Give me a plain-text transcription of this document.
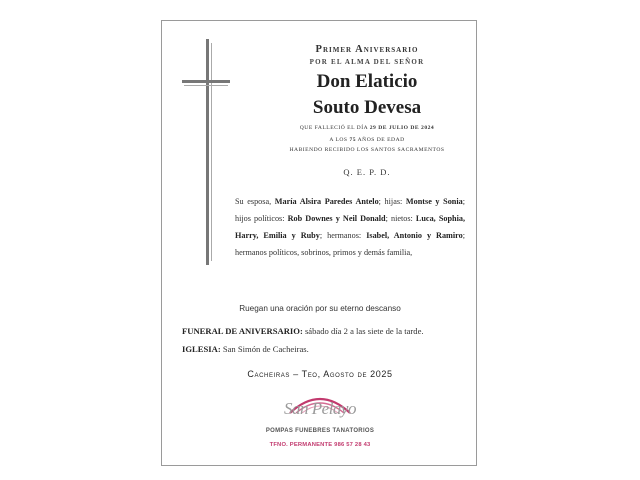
Primer Aniversario
POR EL ALMA DEL SEÑOR
Don Elaticio
Souto Devesa
QUE FALLECIÓ EL DÍA 29 DE JULIO DE 2024
A LOS 75 AÑOS DE EDAD
HABIENDO RECIBIDO LOS SANTOS SACRAMENTOS
Q. E. P. D.
Su esposa, María Alsira Paredes Antelo; hijas: Montse y Sonia; hijos políticos: Rob Downes y Neil Donald; nietos: Luca, Sophia, Harry, Emilia y Ruby; hermanos: Isabel, Antonio y Ramiro; hermanos políticos, sobrinos, primos y demás familia,
Ruegan una oración por su eterno descanso
FUNERAL DE ANIVERSARIO: sábado día 2 a las siete de la tarde.
IGLESIA: San Simón de Cacheiras.
Cacheiras – Teo, Agosto de 2025
San Pelayo
POMPAS FUNEBRES TANATORIOS
TFNO. PERMANENTE 986 57 28 43
